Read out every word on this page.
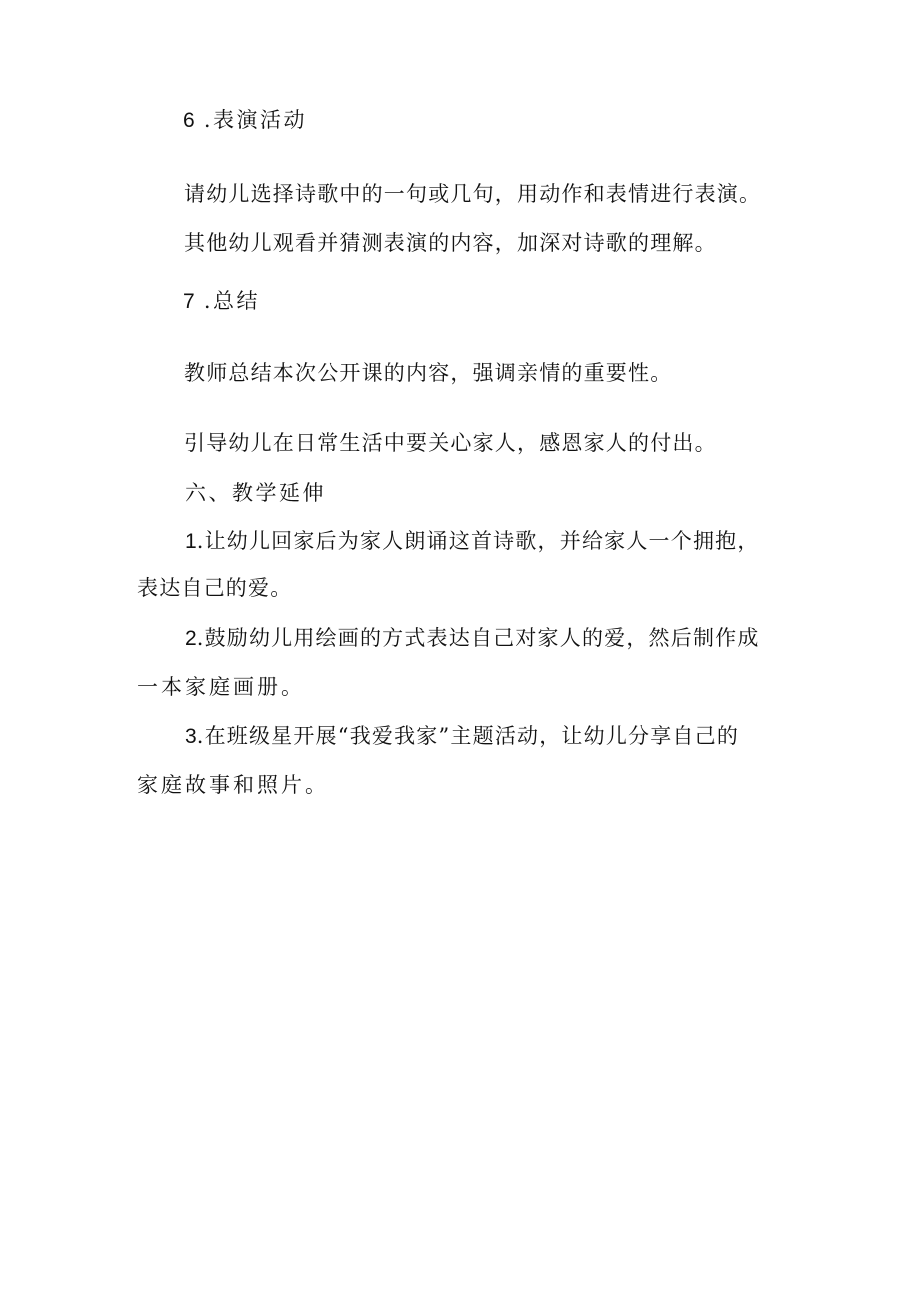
6 .表演活动
请幼儿选择诗歌中的一句或几句，用动作和表情进行表演。
其他幼儿观看并猜测表演的内容，加深对诗歌的理解。
7 .总结
教师总结本次公开课的内容，强调亲情的重要性。
引导幼儿在日常生活中要关心家人，感恩家人的付出。
六、教学延伸
1.让幼儿回家后为家人朗诵这首诗歌，并给家人一个拥抱，
表达自己的爱。
2.鼓励幼儿用绘画的方式表达自己对家人的爱，然后制作成
一本家庭画册。
3.在班级星开展“我爱我家”主题活动，让幼儿分享自己的
家庭故事和照片。
